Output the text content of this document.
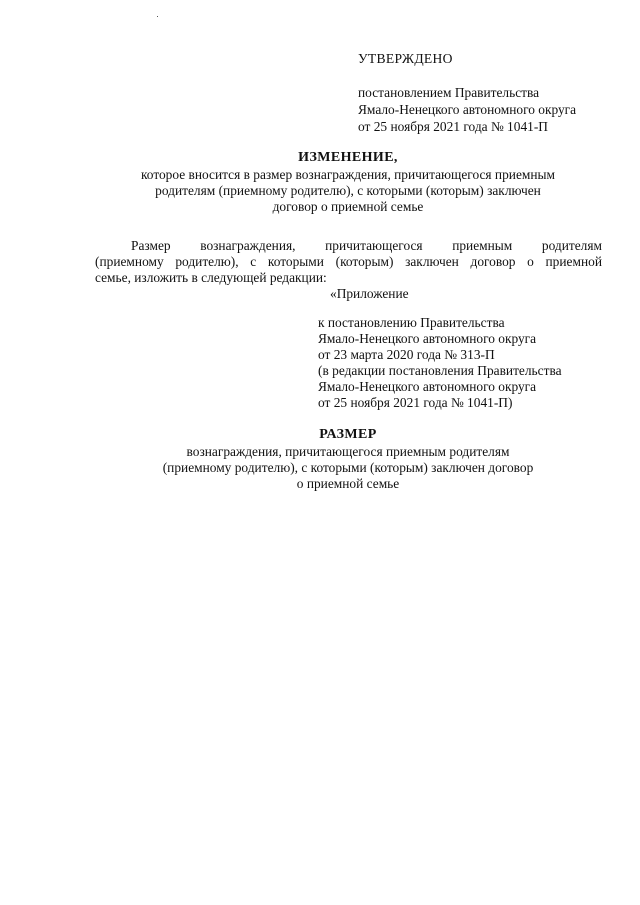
УТВЕРЖДЕНО
постановлением Правительства
Ямало-Ненецкого автономного округа
от 25 ноября 2021 года № 1041-П
ИЗМЕНЕНИЕ,
которое вносится в размер вознаграждения, причитающегося приемным
родителям (приемному родителю), с которыми (которым) заключен
договор о приемной семье
Размер вознаграждения, причитающегося приемным родителям
(приемному родителю), с которыми (которым) заключен договор о приемной
семье, изложить в следующей редакции:
«Приложение
к постановлению Правительства
Ямало-Ненецкого автономного округа
от 23 марта 2020 года № 313-П
(в редакции постановления Правительства
Ямало-Ненецкого автономного округа
от 25 ноября 2021 года № 1041-П)
РАЗМЕР
вознаграждения, причитающегося приемным родителям
(приемному родителю), с которыми (которым) заключен договор
о приемной семье
